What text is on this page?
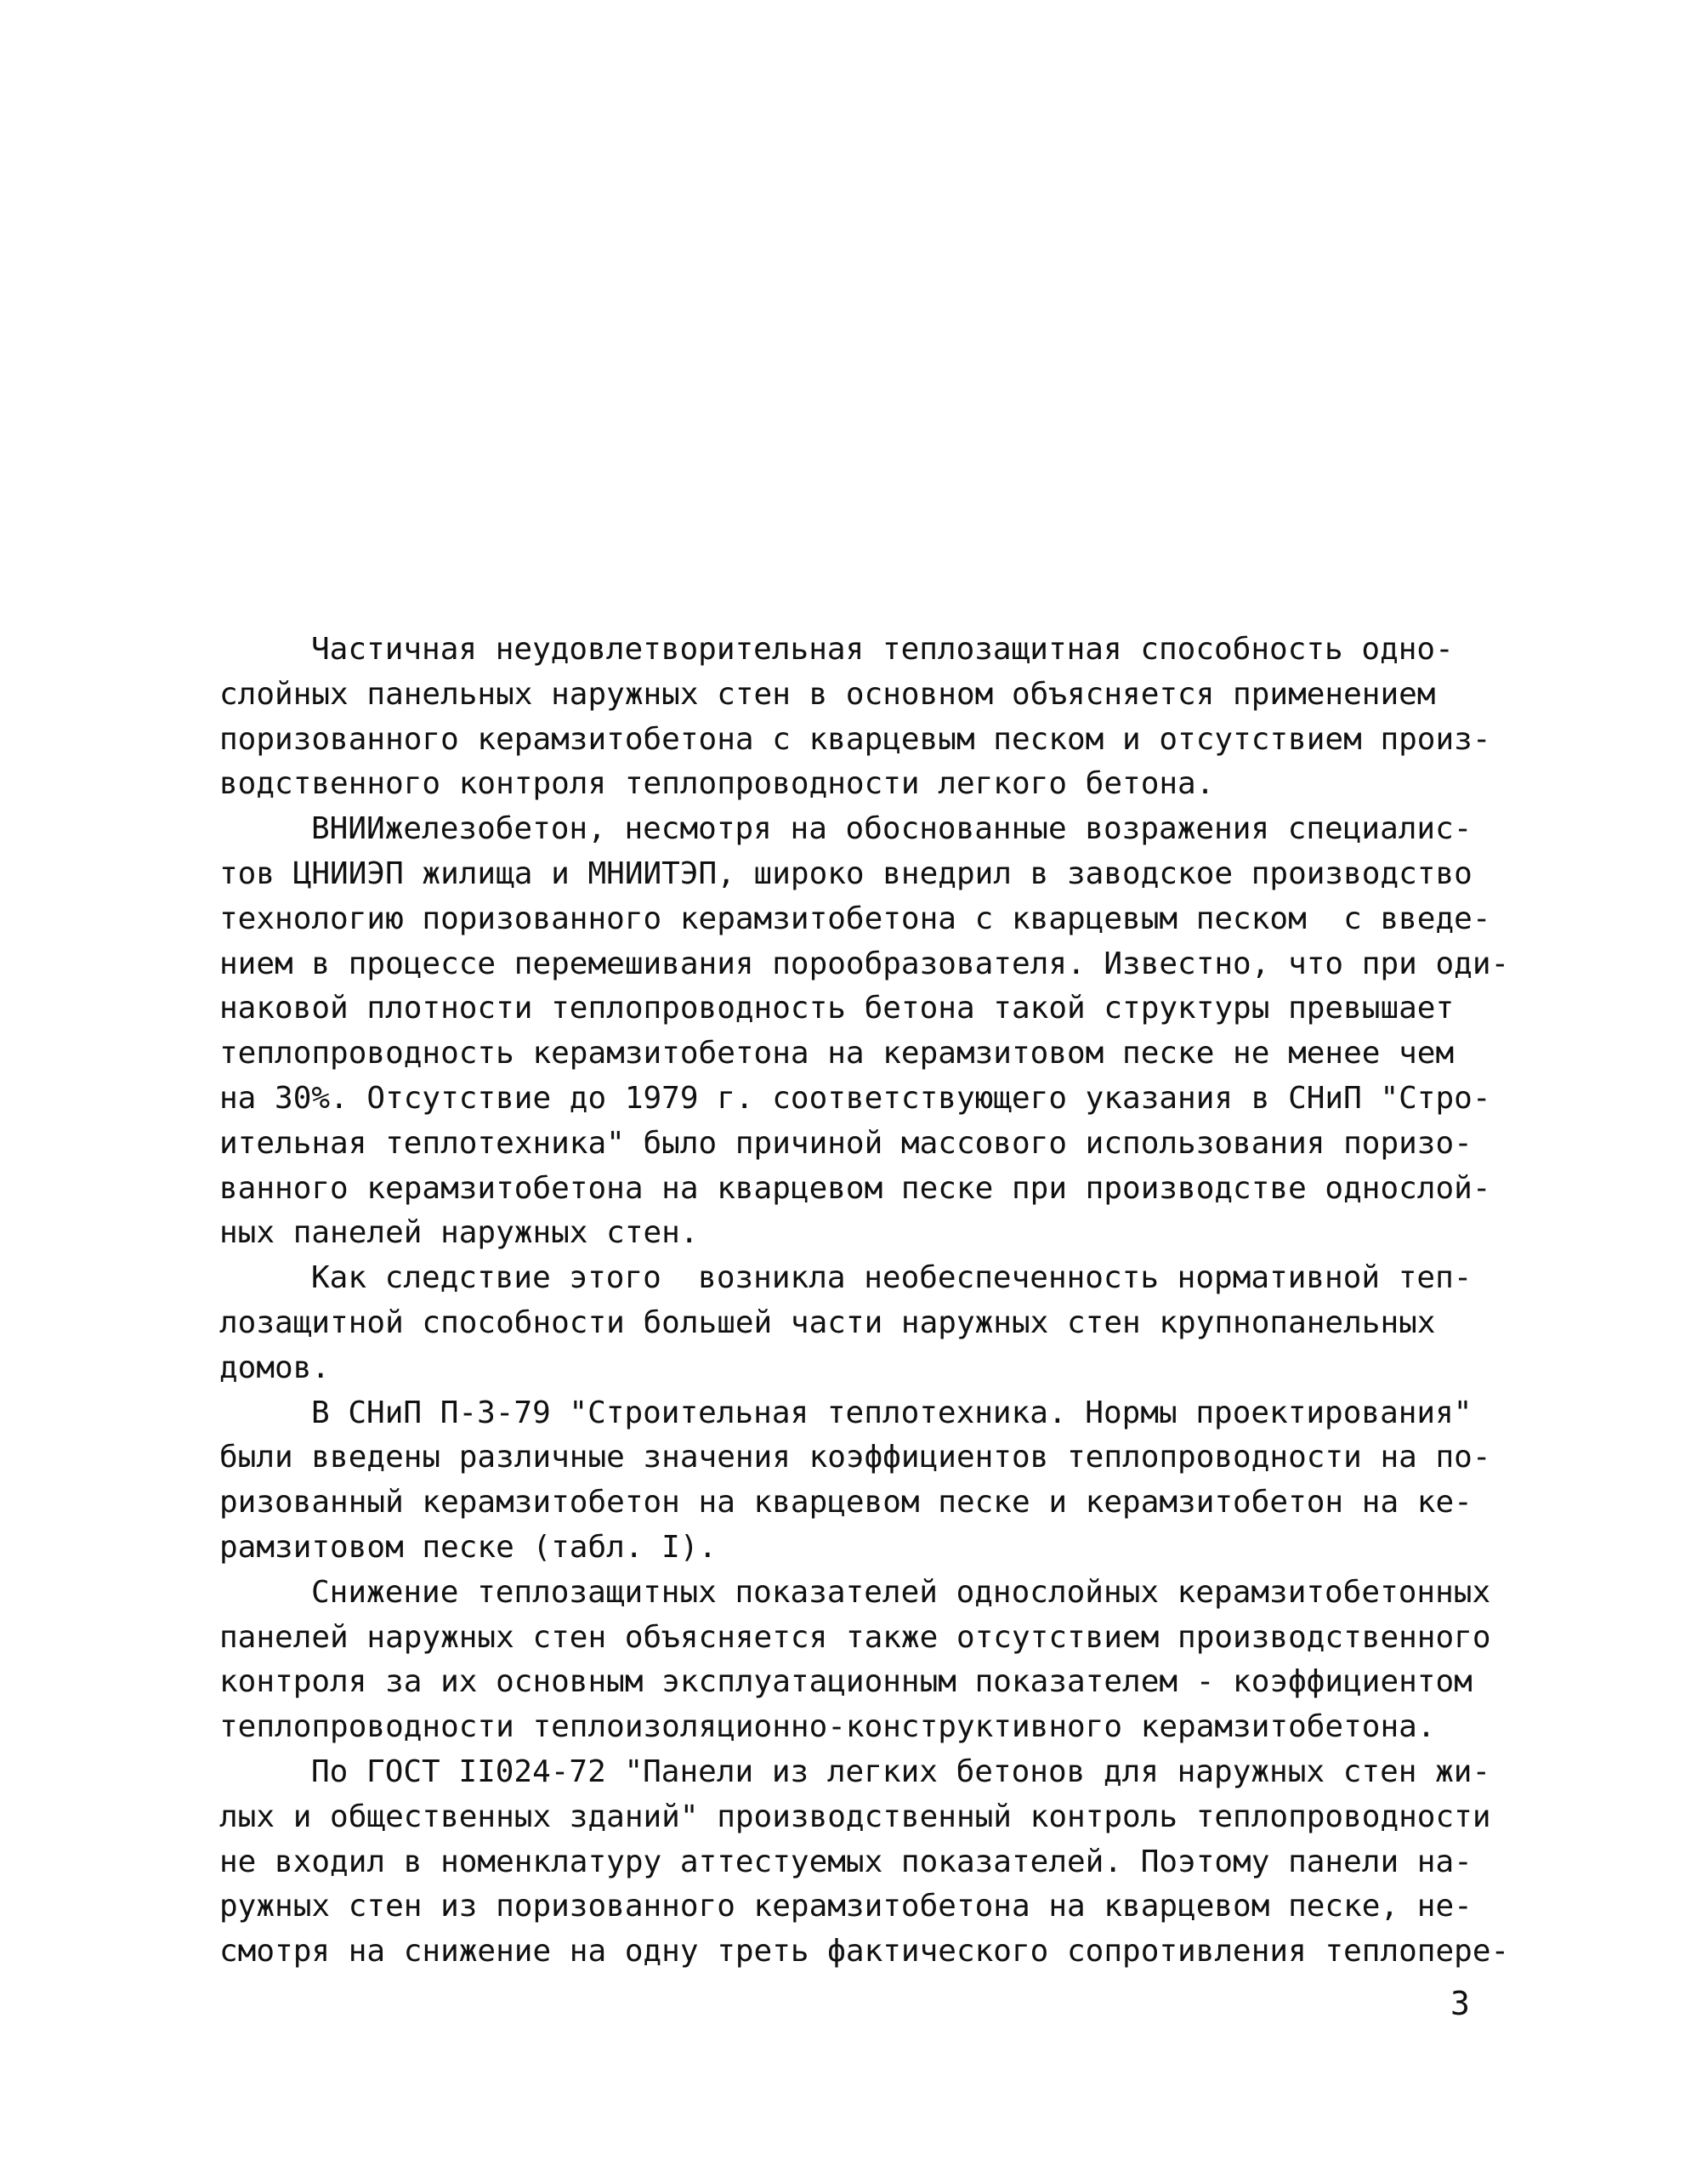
Частичная неудовлетворительная теплозащитная способность одно-
слойных панельных наружных стен в основном объясняется применением
поризованного керамзитобетона с кварцевым песком и отсутствием произ-
водственного контроля теплопроводности легкого бетона.
ВНИИжелезобетон, несмотря на обоснованные возражения специалис-
тов ЦНИИЭП жилища и МНИИТЭП, широко внедрил в заводское производство
технологию поризованного керамзитобетона с кварцевым песком  с введе-
нием в процессе перемешивания порообразователя. Известно, что при оди-
наковой плотности теплопроводность бетона такой структуры превышает
теплопроводность керамзитобетона на керамзитовом песке не менее чем
на 30%. Отсутствие до 1979 г. соответствующего указания в СНиП "Стро-
ительная теплотехника" было причиной массового использования поризо-
ванного керамзитобетона на кварцевом песке при производстве однослой-
ных панелей наружных стен.
Как следствие этого  возникла необеспеченность нормативной теп-
лозащитной способности большей части наружных стен крупнопанельных
домов.
В СНиП П-3-79 "Строительная теплотехника. Нормы проектирования"
были введены различные значения коэффициентов теплопроводности на по-
ризованный керамзитобетон на кварцевом песке и керамзитобетон на ке-
рамзитовом песке (табл. I).
Снижение теплозащитных показателей однослойных керамзитобетонных
панелей наружных стен объясняется также отсутствием производственного
контроля за их основным эксплуатационным показателем - коэффициентом
теплопроводности теплоизоляционно-конструктивного керамзитобетона.
По ГОСТ II024-72 "Панели из легких бетонов для наружных стен жи-
лых и общественных зданий" производственный контроль теплопроводности
не входил в номенклатуру аттестуемых показателей. Поэтому панели на-
ружных стен из поризованного керамзитобетона на кварцевом песке, не-
смотря на снижение на одну треть фактического сопротивления теплопере-
3
